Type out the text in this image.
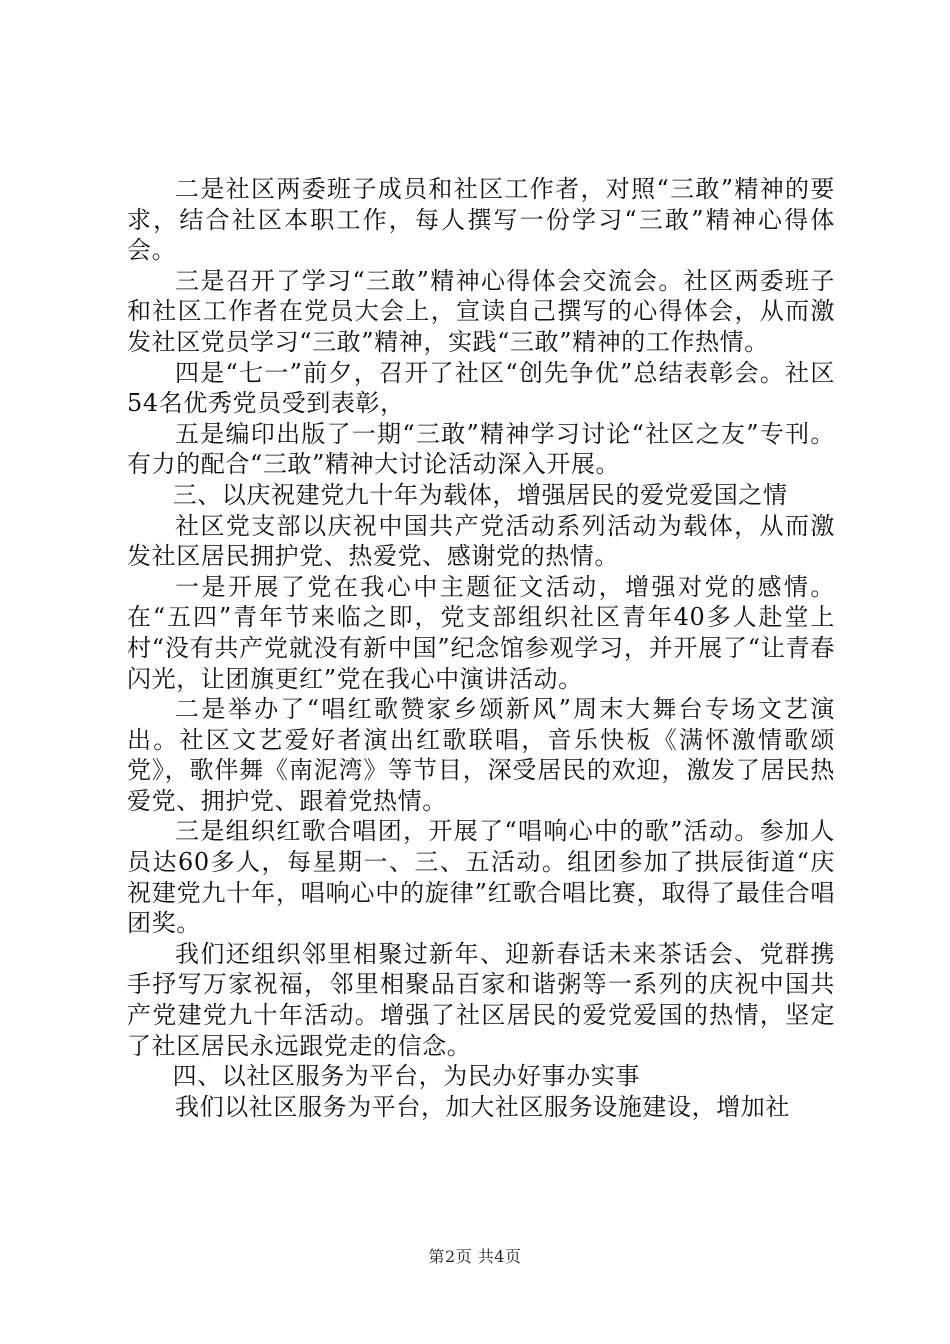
二是社区两委班子成员和社区工作者，对照“三敢”精神的要求，结合社区本职工作，每人撰写一份学习“三敢”精神心得体会。

三是召开了学习“三敢”精神心得体会交流会。社区两委班子和社区工作者在党员大会上，宣读自己撰写的心得体会，从而激发社区党员学习“三敢”精神，实践“三敢”精神的工作热情。

四是“七一”前夕，召开了社区“创先争优”总结表彰会。社区54名优秀党员受到表彰，

五是编印出版了一期“三敢”精神学习讨论“社区之友”专刊。有力的配合“三敢”精神大讨论活动深入开展。

三、以庆祝建党九十年为载体，增强居民的爱党爱国之情

社区党支部以庆祝中国共产党活动系列活动为载体，从而激发社区居民拥护党、热爱党、感谢党的热情。

一是开展了党在我心中主题征文活动，增强对党的感情。在“五四”青年节来临之即，党支部组织社区青年40多人赴堂上村“没有共产党就没有新中国”纪念馆参观学习，并开展了“让青春闪光，让团旗更红”党在我心中演讲活动。

二是举办了“唱红歌赞家乡颂新风”周末大舞台专场文艺演出。社区文艺爱好者演出红歌联唱，音乐快板《满怀激情歌颂党》，歌伴舞《南泥湾》等节目，深受居民的欢迎，激发了居民热爱党、拥护党、跟着党热情。

三是组织红歌合唱团，开展了“唱响心中的歌”活动。参加人员达60多人，每星期一、三、五活动。组团参加了拱辰街道“庆祝建党九十年，唱响心中的旋律”红歌合唱比赛，取得了最佳合唱团奖。

我们还组织邻里相聚过新年、迎新春话未来茶话会、党群携手抒写万家祝福，邻里相聚品百家和谐粥等一系列的庆祝中国共产党建党九十年活动。增强了社区居民的爱党爱国的热情，坚定了社区居民永远跟党走的信念。

四、以社区服务为平台，为民办好事办实事

我们以社区服务为平台，加大社区服务设施建设，增加社

第2页 共4页
